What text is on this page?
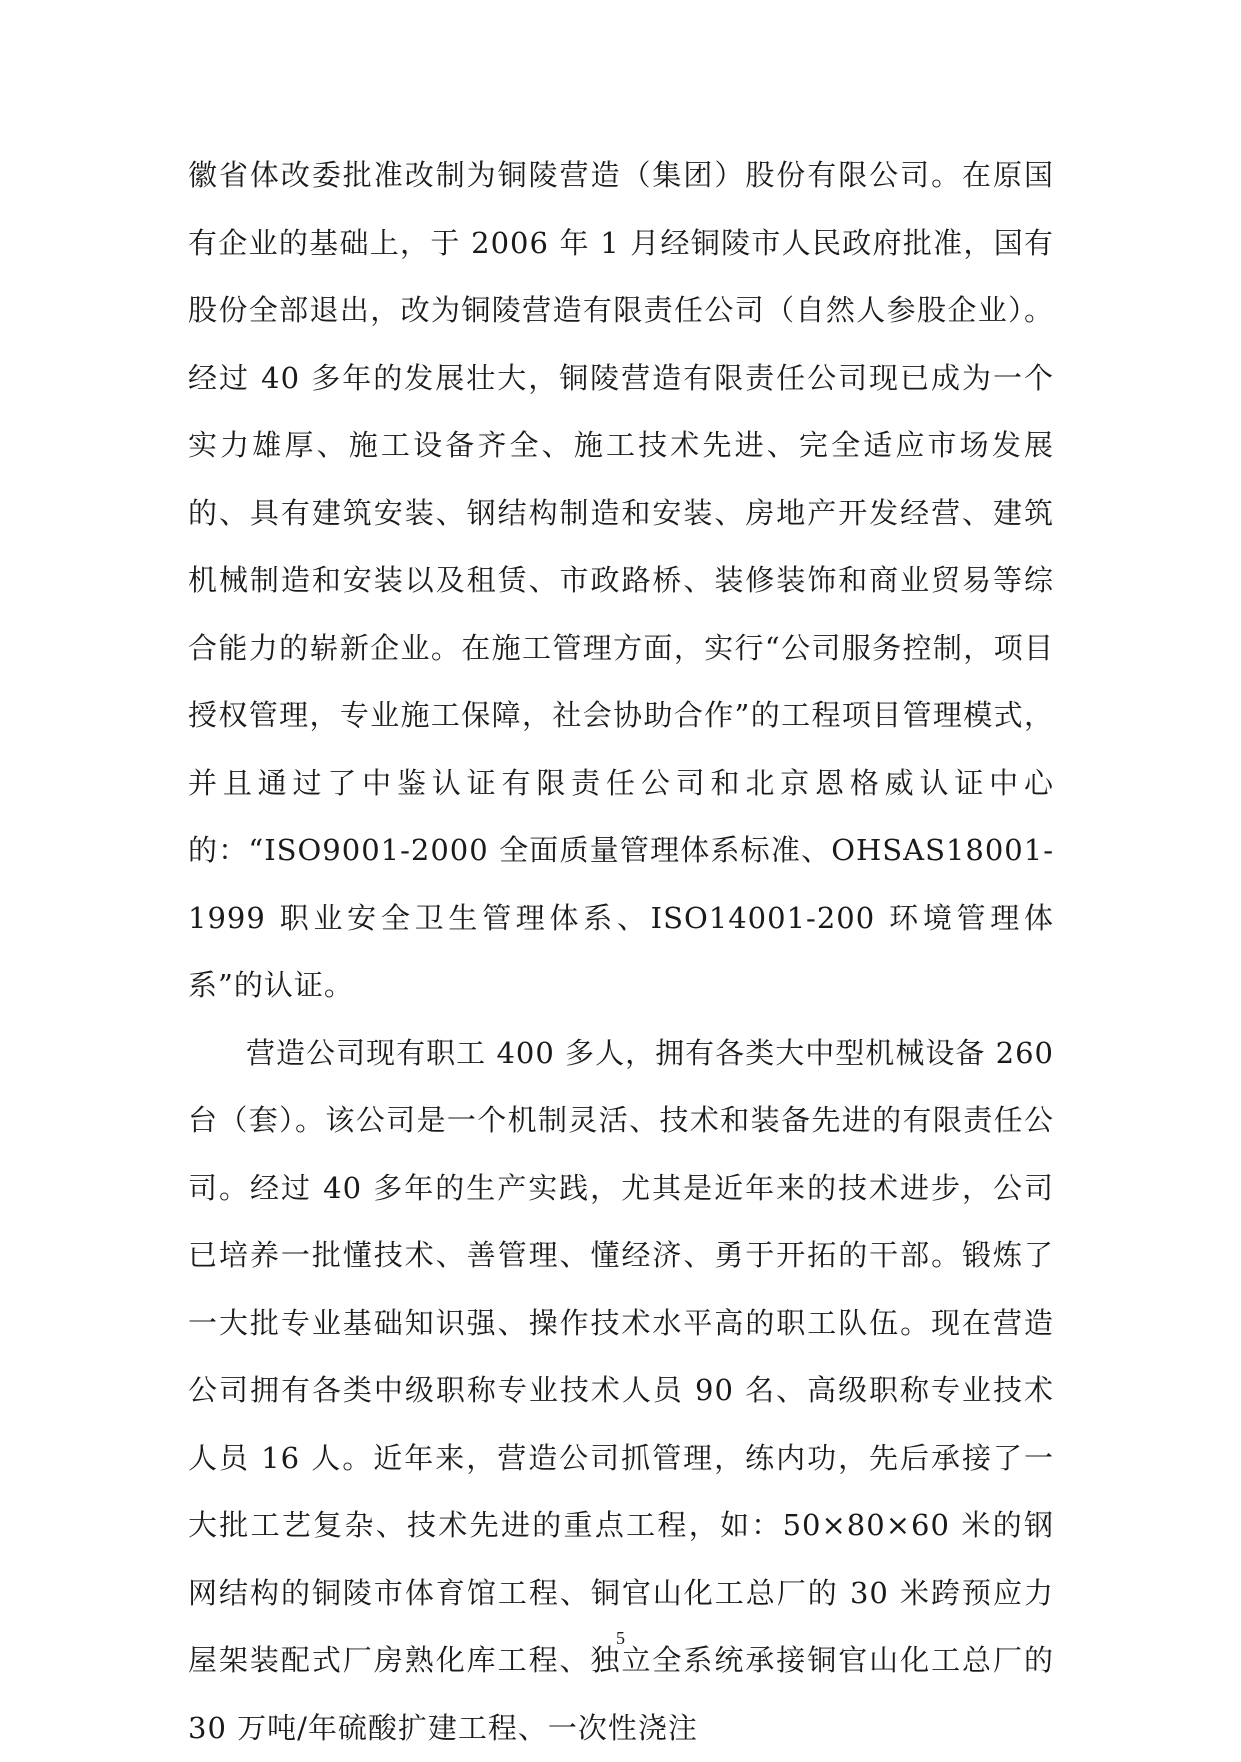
徽省体改委批准改制为铜陵营造（集团）股份有限公司。在原国有企业的基础上，于 2006 年 1 月经铜陵市人民政府批准，国有股份全部退出，改为铜陵营造有限责任公司（自然人参股企业）。经过 40 多年的发展壮大，铜陵营造有限责任公司现已成为一个实力雄厚、施工设备齐全、施工技术先进、完全适应市场发展的、具有建筑安装、钢结构制造和安装、房地产开发经营、建筑机械制造和安装以及租赁、市政路桥、装修装饰和商业贸易等综合能力的崭新企业。在施工管理方面，实行“公司服务控制，项目授权管理，专业施工保障，社会协助合作”的工程项目管理模式，并且通过了中鉴认证有限责任公司和北京恩格威认证中心的：“ISO9001-2000 全面质量管理体系标准、OHSAS18001-1999 职业安全卫生管理体系、ISO14001-200 环境管理体系”的认证。

营造公司现有职工 400 多人，拥有各类大中型机械设备 260 台（套）。该公司是一个机制灵活、技术和装备先进的有限责任公司。经过 40 多年的生产实践，尤其是近年来的技术进步，公司已培养一批懂技术、善管理、懂经济、勇于开拓的干部。锻炼了一大批专业基础知识强、操作技术水平高的职工队伍。现在营造公司拥有各类中级职称专业技术人员 90 名、高级职称专业技术人员 16 人。近年来，营造公司抓管理，练内功，先后承接了一大批工艺复杂、技术先进的重点工程，如：50×80×60 米的钢网结构的铜陵市体育馆工程、铜官山化工总厂的 30 米跨预应力屋架装配式厂房熟化库工程、独立全系统承接铜官山化工总厂的 30 万吨/年硫酸扩建工程、一次性浇注

5
